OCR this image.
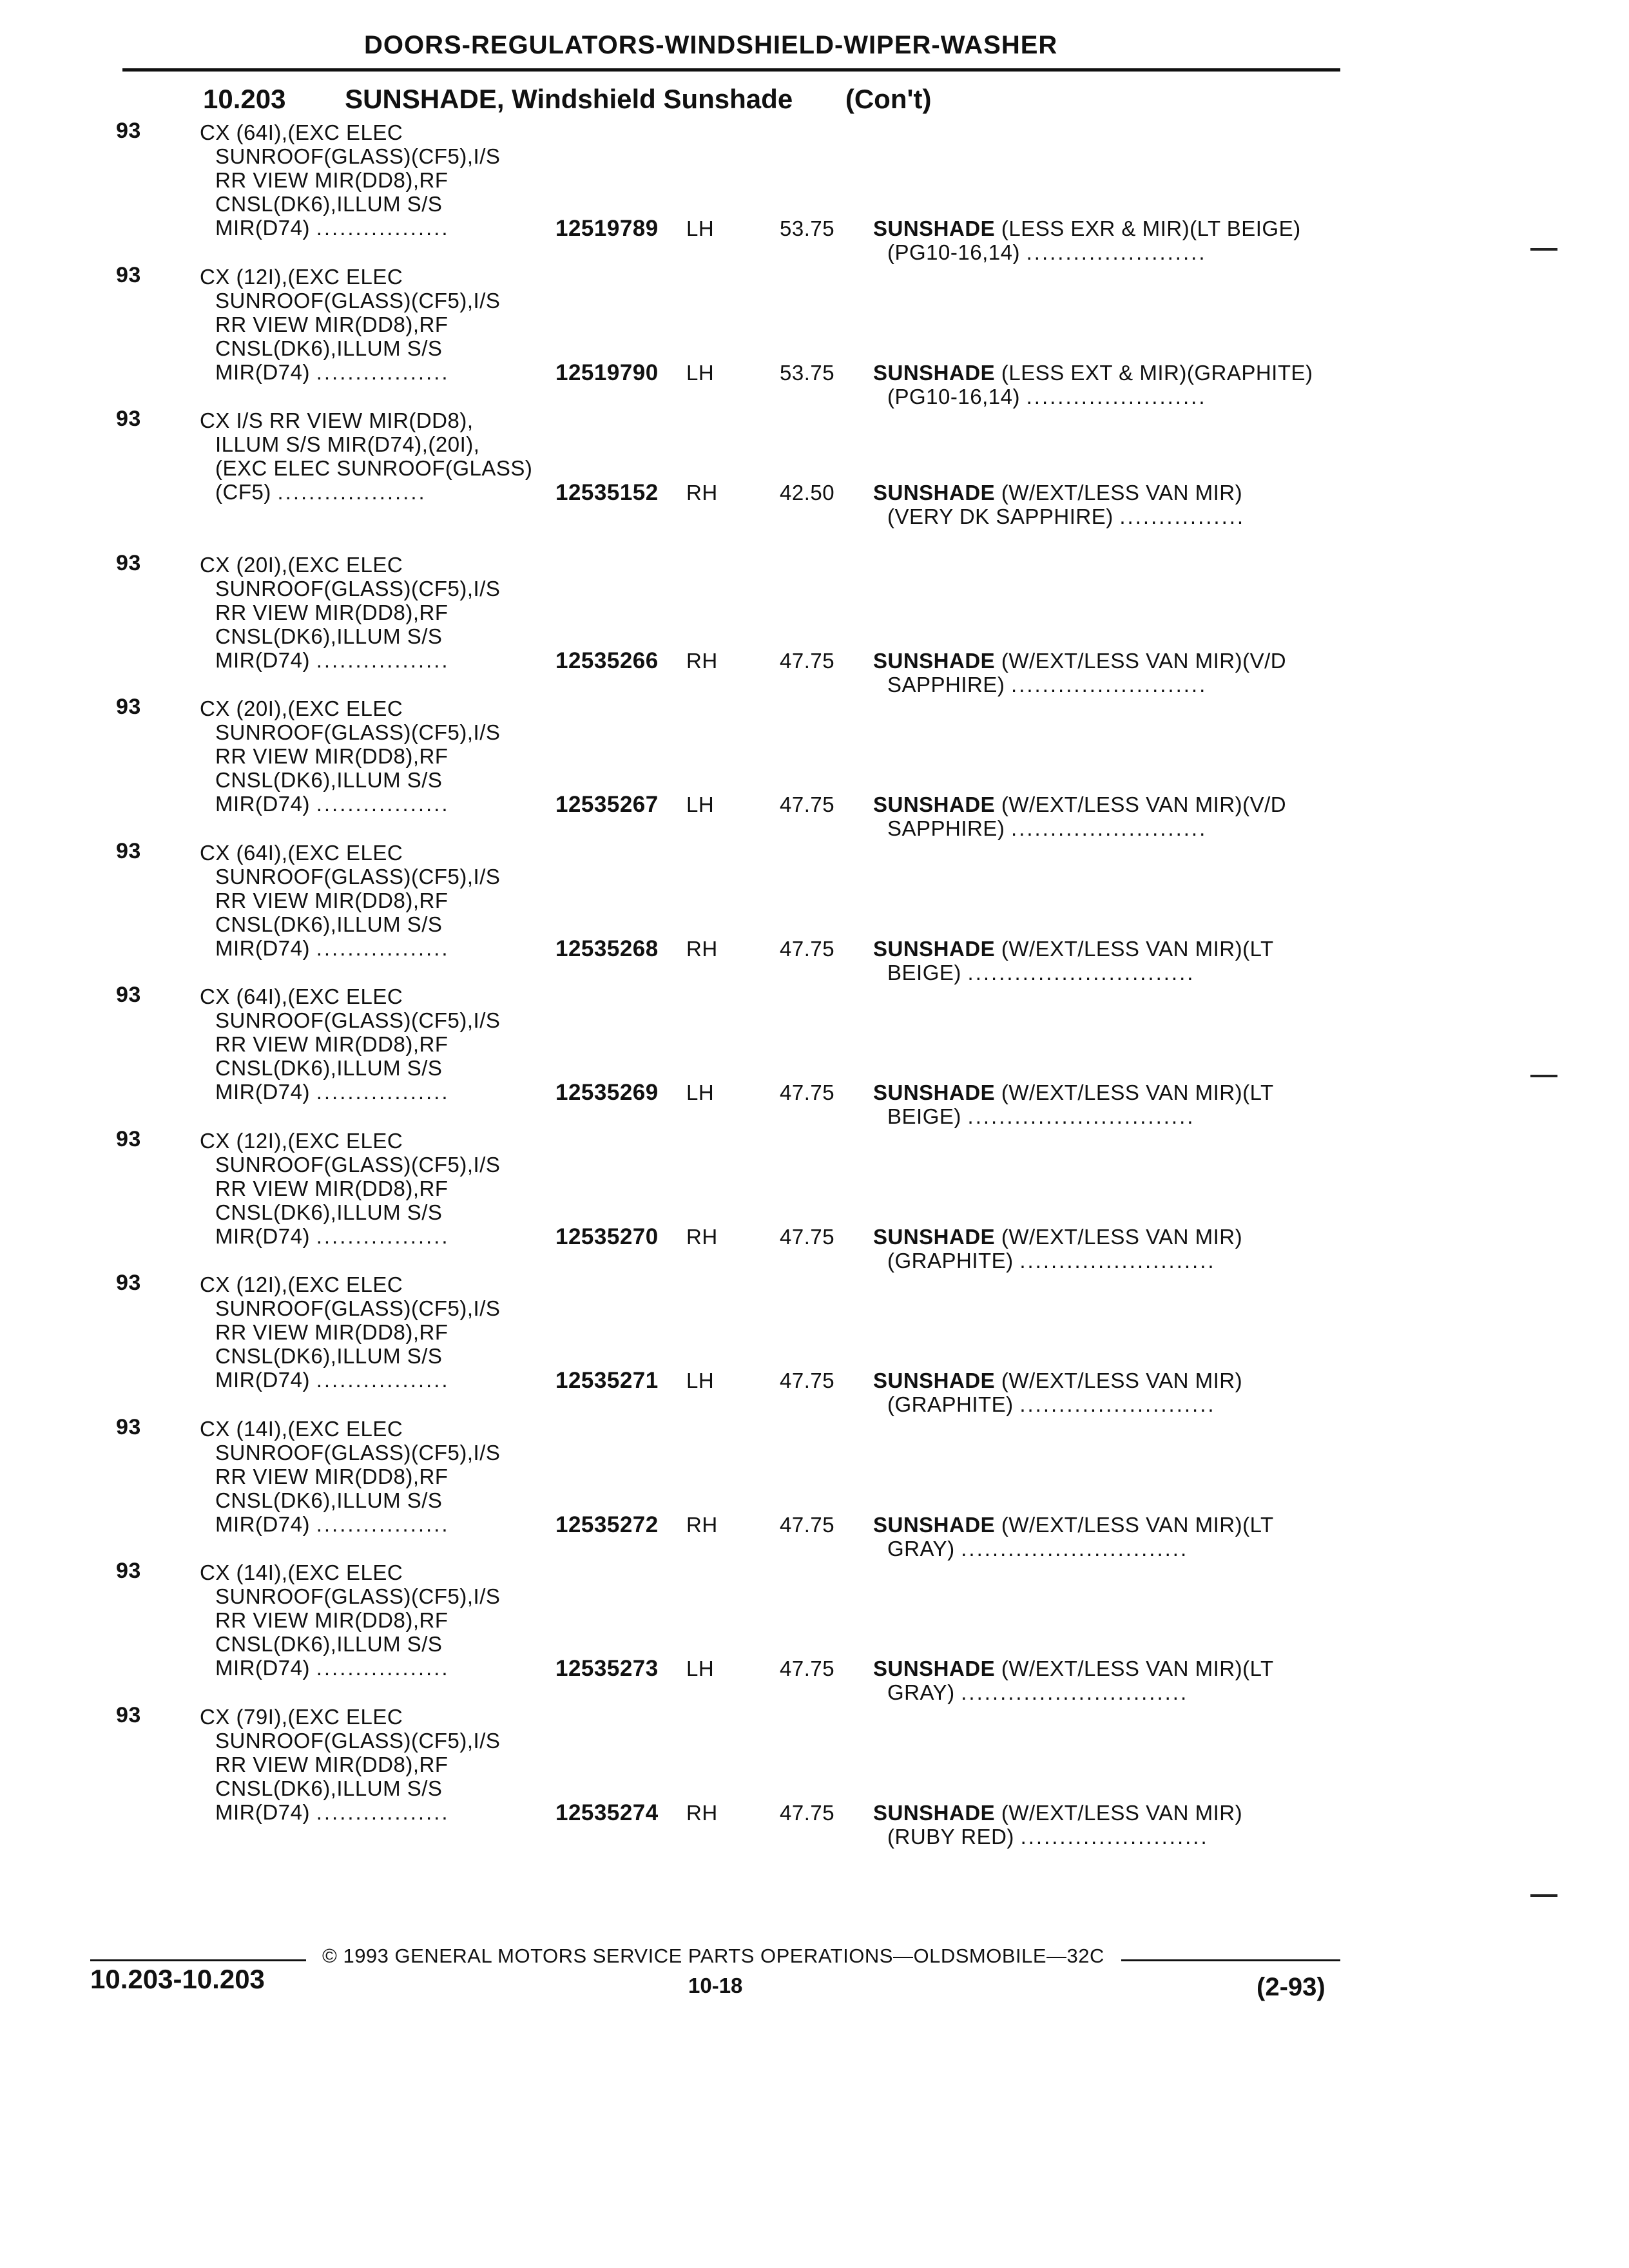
DOORS-REGULATORS-WINDSHIELD-WIPER-WASHER
10.203 SUNSHADE, Windshield Sunshade (Con't)
93	CX (64I),(EXC ELEC
SUNROOF(GLASS)(CF5),I/S
RR VIEW MIR(DD8),RF
CNSL(DK6),ILLUM S/S
MIR(D74) .................	12519789 LH	53.75 SUNSHADE (LESS EXR & MIR)(LT BEIGE)
(PG10-16,14) .......................
93	CX (12I),(EXC ELEC
SUNROOF(GLASS)(CF5),I/S
RR VIEW MIR(DD8),RF
CNSL(DK6),ILLUM S/S
MIR(D74) .................	12519790 LH	53.75 SUNSHADE (LESS EXT & MIR)(GRAPHITE)
(PG10-16,14) .......................
93	CX I/S RR VIEW MIR(DD8),
ILLUM S/S MIR(D74),(20I),
(EXC ELEC SUNROOF(GLASS)
(CF5) ...................	12535152 RH	42.50 SUNSHADE (W/EXT/LESS VAN MIR)
(VERY DK SAPPHIRE) ................
93	CX (20I),(EXC ELEC
SUNROOF(GLASS)(CF5),I/S
RR VIEW MIR(DD8),RF
CNSL(DK6),ILLUM S/S
MIR(D74) .................	12535266 RH	47.75 SUNSHADE (W/EXT/LESS VAN MIR)(V/D
SAPPHIRE) .........................
93	CX (20I),(EXC ELEC
SUNROOF(GLASS)(CF5),I/S
RR VIEW MIR(DD8),RF
CNSL(DK6),ILLUM S/S
MIR(D74) .................	12535267 LH	47.75 SUNSHADE (W/EXT/LESS VAN MIR)(V/D
SAPPHIRE) .........................
93	CX (64I),(EXC ELEC
SUNROOF(GLASS)(CF5),I/S
RR VIEW MIR(DD8),RF
CNSL(DK6),ILLUM S/S
MIR(D74) .................	12535268 RH	47.75 SUNSHADE (W/EXT/LESS VAN MIR)(LT
BEIGE) .............................
93	CX (64I),(EXC ELEC
SUNROOF(GLASS)(CF5),I/S
RR VIEW MIR(DD8),RF
CNSL(DK6),ILLUM S/S
MIR(D74) .................	12535269 LH	47.75 SUNSHADE (W/EXT/LESS VAN MIR)(LT
BEIGE) .............................
93	CX (12I),(EXC ELEC
SUNROOF(GLASS)(CF5),I/S
RR VIEW MIR(DD8),RF
CNSL(DK6),ILLUM S/S
MIR(D74) .................	12535270 RH	47.75 SUNSHADE (W/EXT/LESS VAN MIR)
(GRAPHITE) .........................
93	CX (12I),(EXC ELEC
SUNROOF(GLASS)(CF5),I/S
RR VIEW MIR(DD8),RF
CNSL(DK6),ILLUM S/S
MIR(D74) .................	12535271 LH	47.75 SUNSHADE (W/EXT/LESS VAN MIR)
(GRAPHITE) .........................
93	CX (14I),(EXC ELEC
SUNROOF(GLASS)(CF5),I/S
RR VIEW MIR(DD8),RF
CNSL(DK6),ILLUM S/S
MIR(D74) .................	12535272 RH	47.75 SUNSHADE (W/EXT/LESS VAN MIR)(LT
GRAY) .............................
93	CX (14I),(EXC ELEC
SUNROOF(GLASS)(CF5),I/S
RR VIEW MIR(DD8),RF
CNSL(DK6),ILLUM S/S
MIR(D74) .................	12535273 LH	47.75 SUNSHADE (W/EXT/LESS VAN MIR)(LT
GRAY) .............................
93	CX (79I),(EXC ELEC
SUNROOF(GLASS)(CF5),I/S
RR VIEW MIR(DD8),RF
CNSL(DK6),ILLUM S/S
MIR(D74) .................	12535274 RH	47.75 SUNSHADE (W/EXT/LESS VAN MIR)
(RUBY RED) ........................
© 1993 GENERAL MOTORS SERVICE PARTS OPERATIONS—OLDSMOBILE—32C
10.203-10.203	10-18	(2-93)
